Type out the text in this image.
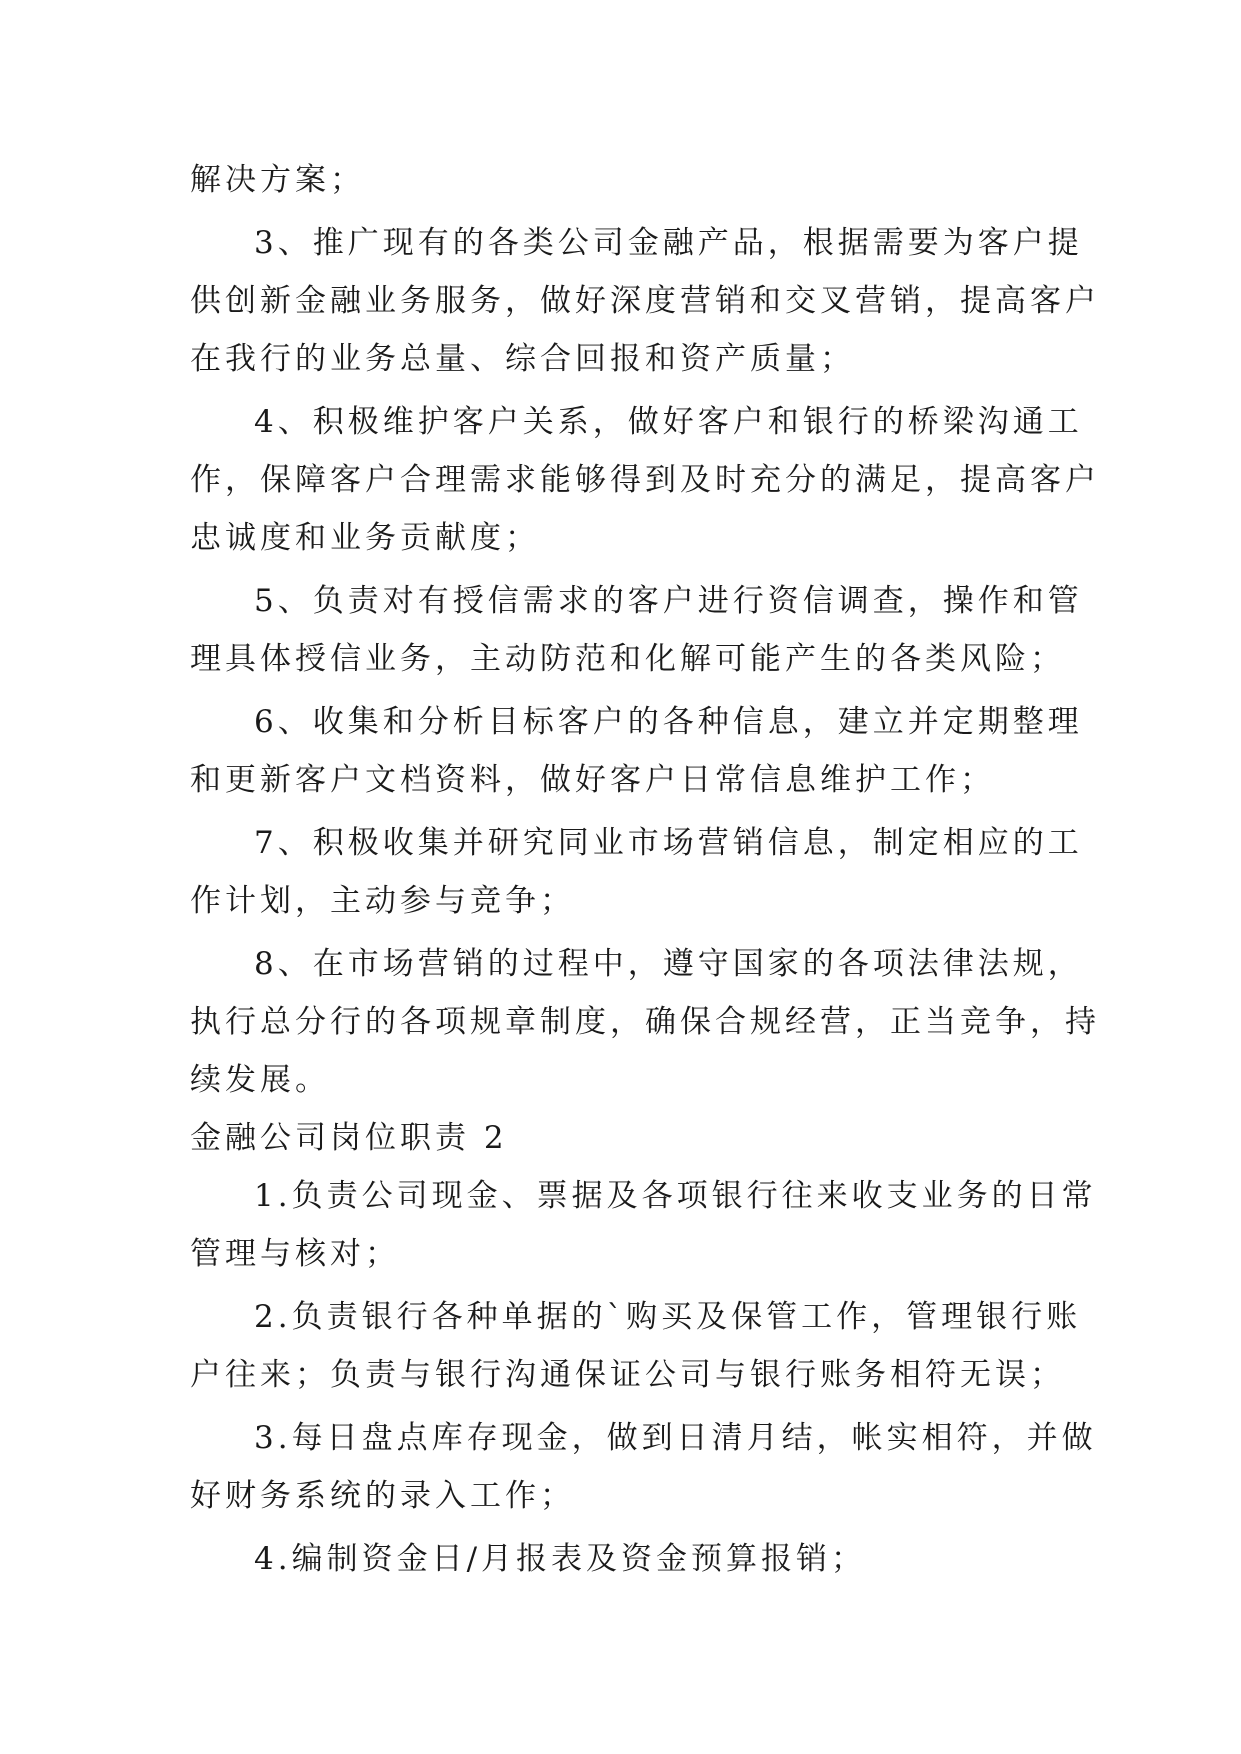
解决方案；
3、推广现有的各类公司金融产品，根据需要为客户提
供创新金融业务服务，做好深度营销和交叉营销，提高客户
在我行的业务总量、综合回报和资产质量；
4、积极维护客户关系，做好客户和银行的桥梁沟通工
作，保障客户合理需求能够得到及时充分的满足，提高客户
忠诚度和业务贡献度；
5、负责对有授信需求的客户进行资信调查，操作和管
理具体授信业务，主动防范和化解可能产生的各类风险；
6、收集和分析目标客户的各种信息，建立并定期整理
和更新客户文档资料，做好客户日常信息维护工作；
7、积极收集并研究同业市场营销信息，制定相应的工
作计划，主动参与竞争；
8、在市场营销的过程中，遵守国家的各项法律法规，
执行总分行的各项规章制度，确保合规经营，正当竞争，持
续发展。
金融公司岗位职责 2
1.负责公司现金、票据及各项银行往来收支业务的日常
管理与核对；
2.负责银行各种单据的`购买及保管工作，管理银行账
户往来；负责与银行沟通保证公司与银行账务相符无误；
3.每日盘点库存现金，做到日清月结，帐实相符，并做
好财务系统的录入工作；
4.编制资金日/月报表及资金预算报销；
